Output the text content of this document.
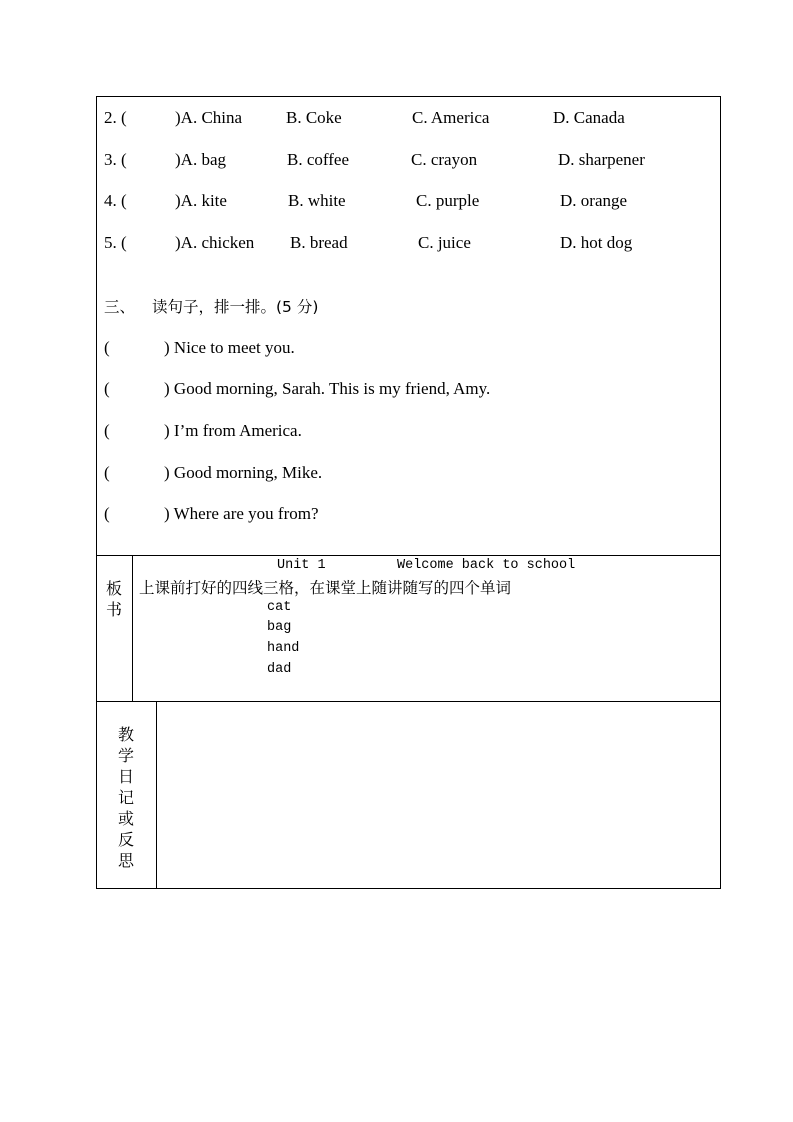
2. (	)A. China	B. Coke	C. America	D. Canada
3. (	)A. bag	B. coffee	C. crayon	D. sharpener
4. (	)A. kite	B. white	C. purple	D. orange
5. (	)A. chicken B. bread	C. juice	D. hot dog
三、 读句子，排一排。(5 分)
(	) Nice to meet you.
(	) Good morning, Sarah. This is my friend, Amy.
(	) I’m from America.
(	) Good morning, Mike.
(	) Where are you from?
板
书
Unit 1	Welcome back to school
上课前打好的四线三格，在课堂上随讲随写的四个单词
cat
bag
hand
dad
教
学
日
记
或
反
思
